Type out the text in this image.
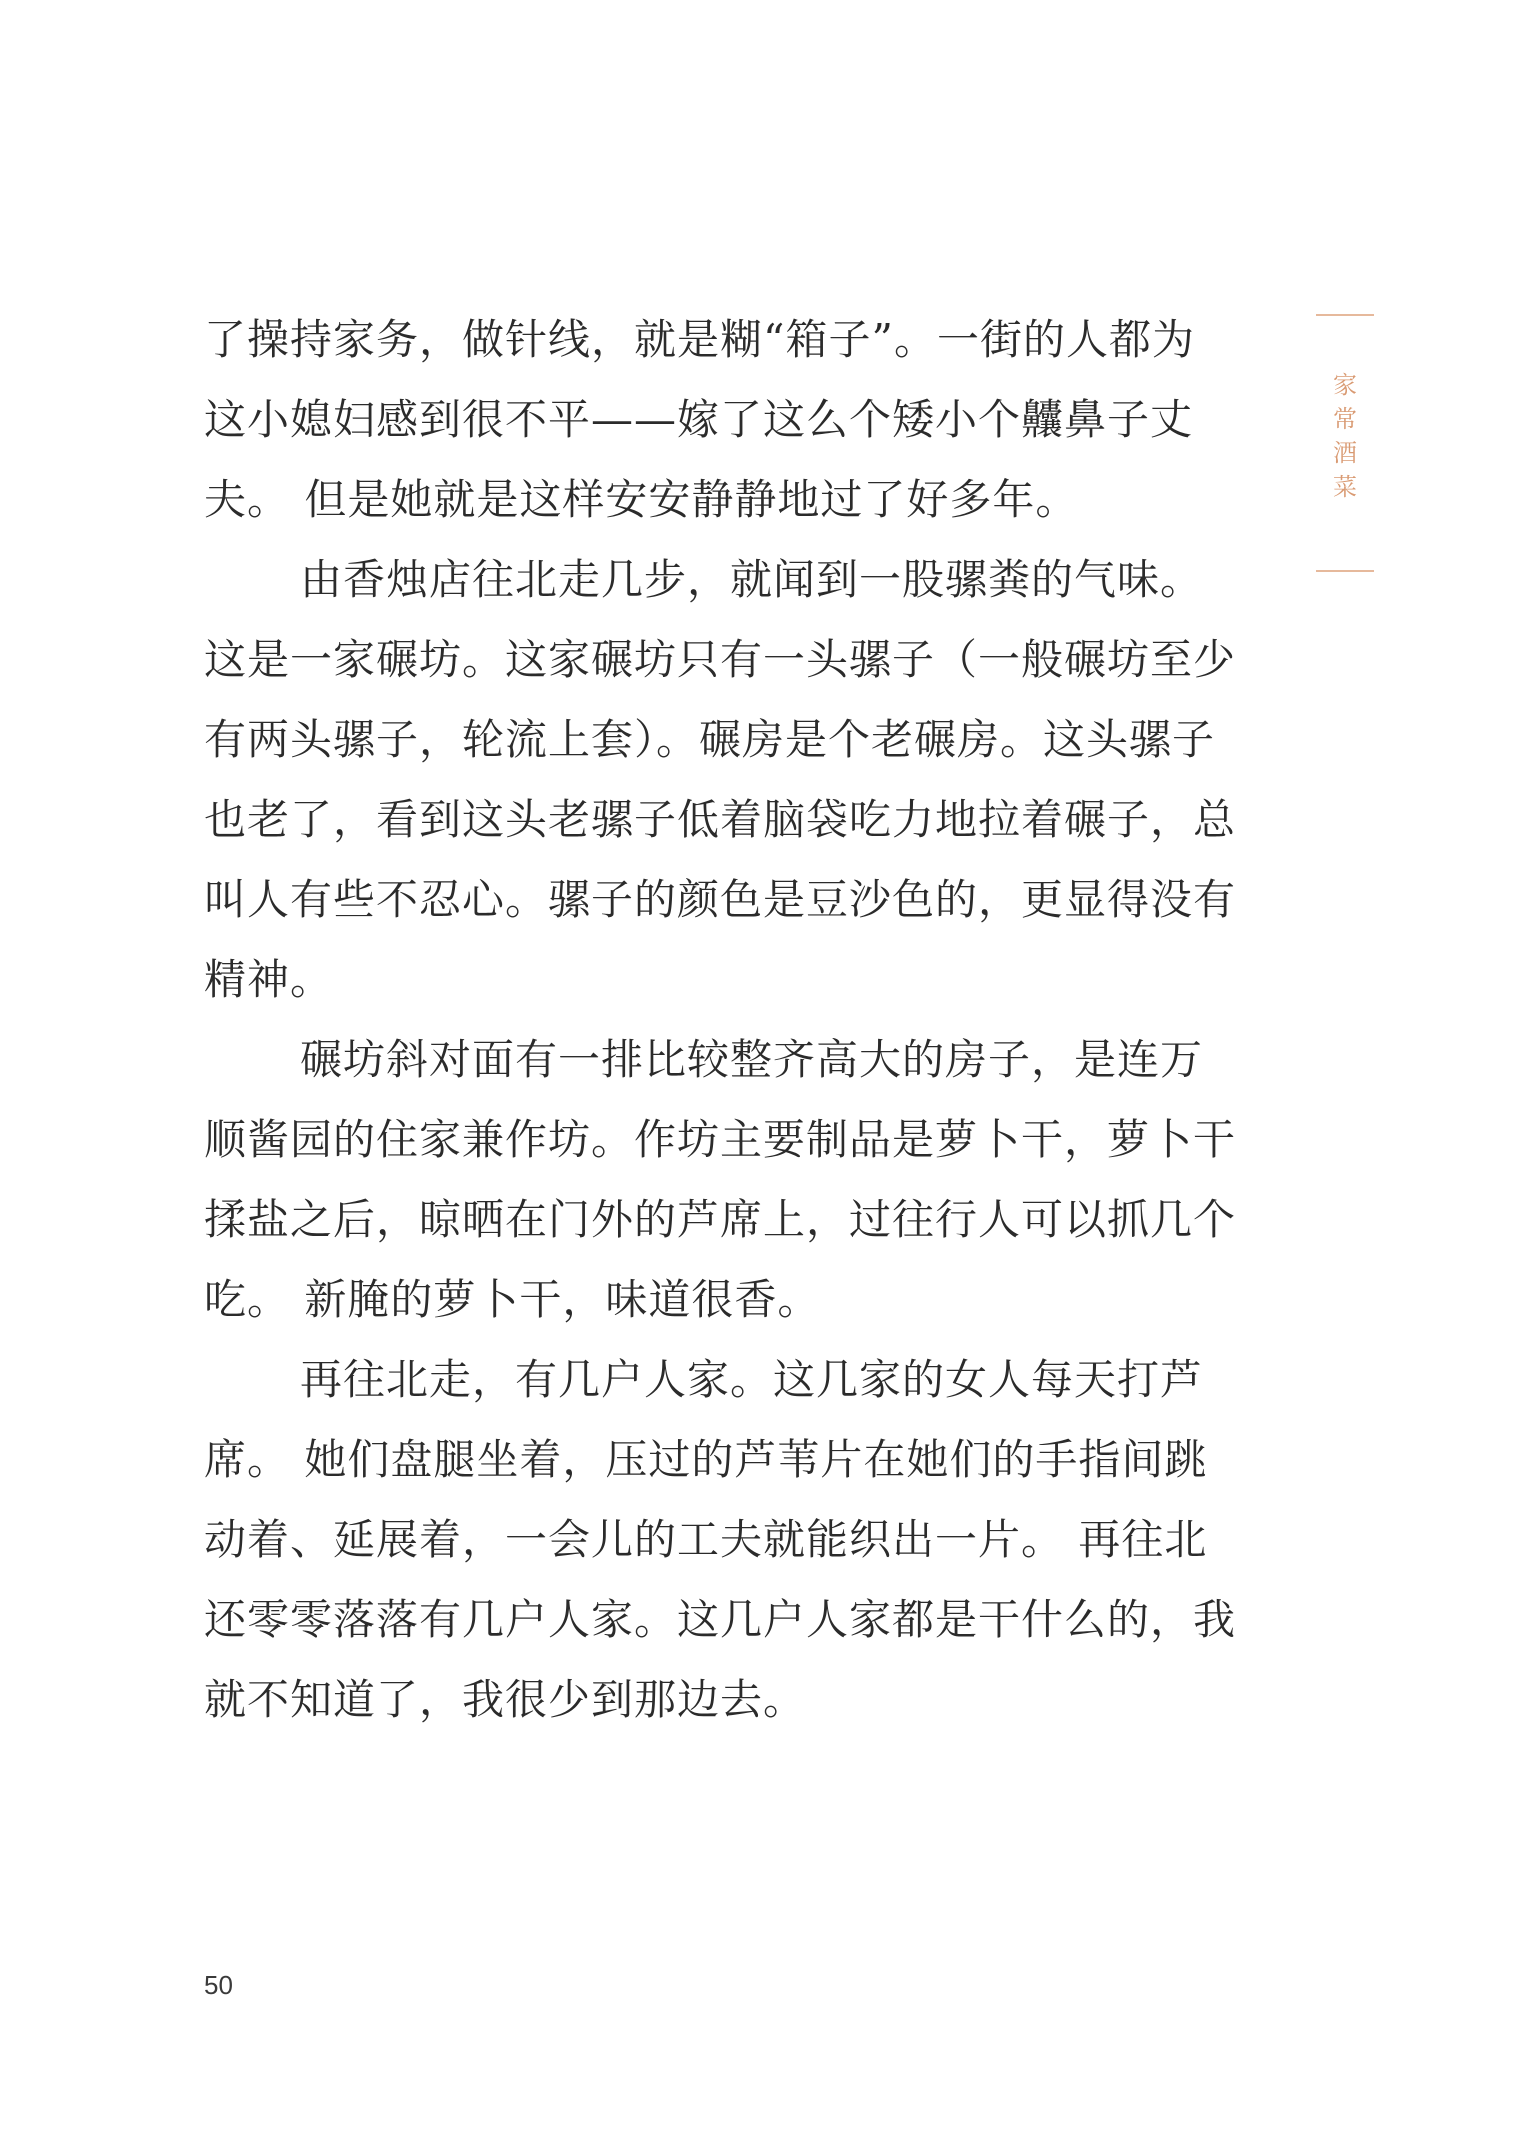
了操持家务，做针线，就是糊“箱子”。一街的人都为
这小媳妇感到很不平——嫁了这么个矮小个齉鼻子丈
夫。 但是她就是这样安安静静地过了好多年。
由香烛店往北走几步，就闻到一股骡粪的气味。
这是一家碾坊。这家碾坊只有一头骡子（一般碾坊至少
有两头骡子，轮流上套）。碾房是个老碾房。这头骡子
也老了，看到这头老骡子低着脑袋吃力地拉着碾子，总
叫人有些不忍心。骡子的颜色是豆沙色的，更显得没有
精神。
碾坊斜对面有一排比较整齐高大的房子，是连万
顺酱园的住家兼作坊。作坊主要制品是萝卜干，萝卜干
揉盐之后，晾晒在门外的芦席上，过往行人可以抓几个
吃。 新腌的萝卜干，味道很香。
再往北走，有几户人家。这几家的女人每天打芦
席。 她们盘腿坐着，压过的芦苇片在她们的手指间跳
动着、延展着，一会儿的工夫就能织出一片。 再往北
还零零落落有几户人家。这几户人家都是干什么的，我
就不知道了，我很少到那边去。
家
常
酒
菜
50
